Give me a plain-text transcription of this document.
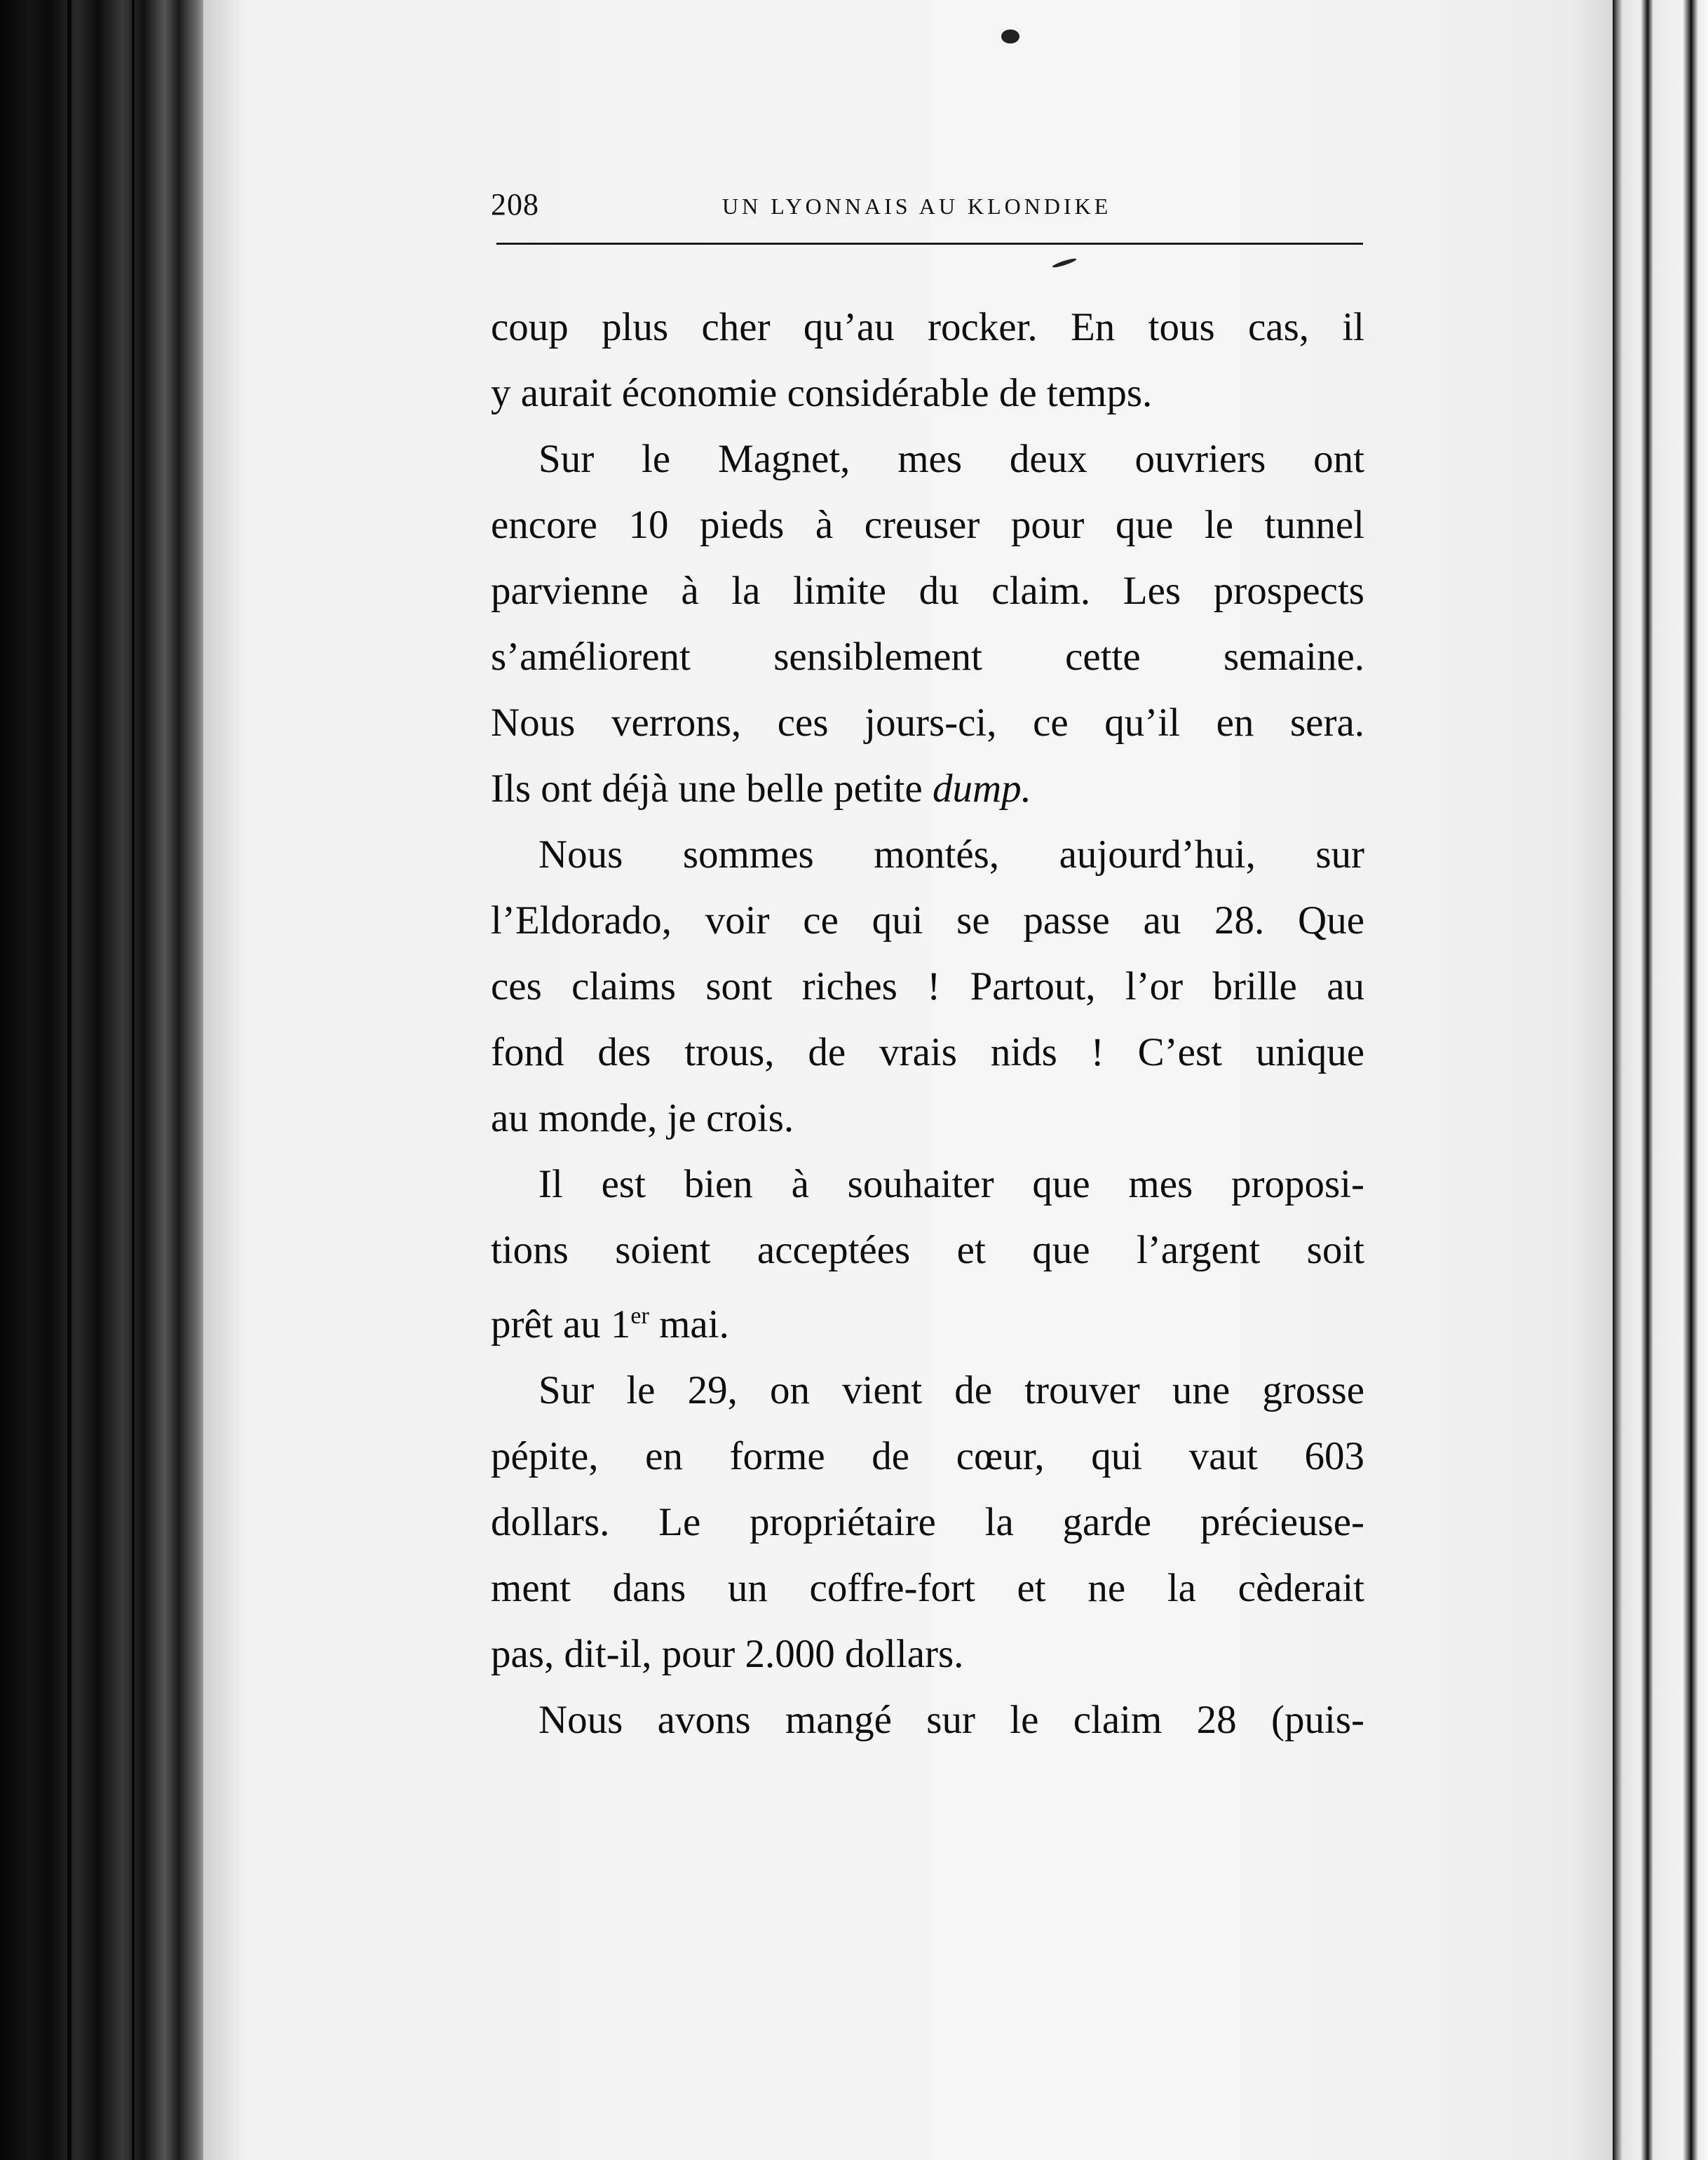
208	UN LYONNAIS AU KLONDIKE
coup plus cher qu’au rocker. En tous cas, il
y aurait économie considérable de temps.
Sur le Magnet, mes deux ouvriers ont
encore 10 pieds à creuser pour que le tunnel
parvienne à la limite du claim. Les prospects
s’améliorent sensiblement cette semaine.
Nous verrons, ces jours-ci, ce qu’il en sera.
Ils ont déjà une belle petite dump.
Nous sommes montés, aujourd’hui, sur
l’Eldorado, voir ce qui se passe au 28. Que
ces claims sont riches ! Partout, l’or brille au
fond des trous, de vrais nids ! C’est unique
au monde, je crois.
Il est bien à souhaiter que mes proposi-
tions soient acceptées et que l’argent soit
prêt au 1er mai.
Sur le 29, on vient de trouver une grosse
pépite, en forme de cœur, qui vaut 603
dollars. Le propriétaire la garde précieuse-
ment dans un coffre-fort et ne la cèderait
pas, dit-il, pour 2.000 dollars.
Nous avons mangé sur le claim 28 (puis-
